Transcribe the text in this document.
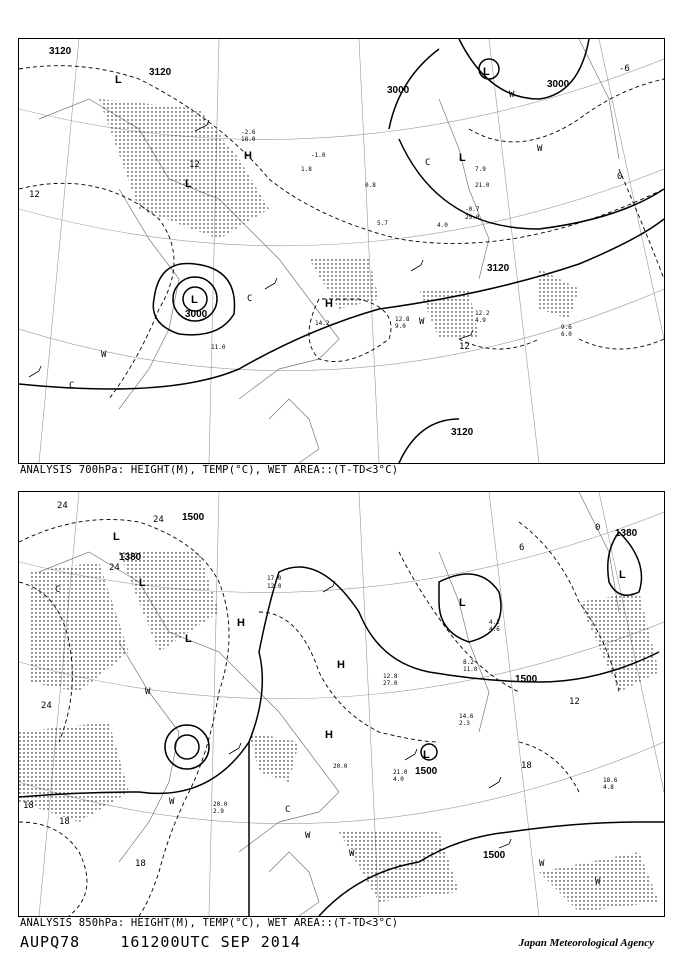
3120
3120
3000
3000
3120
3000
3120
12
12
12
0
-6
L
L
H
L	H
L
L
C
C
C
W
W
W
W
-2.6
18.0
-1.0
1.8
0.8
5.7	4.0
12.2
4.9
9.6
6.0
12.8
9.0
14.2
11.0
7.9
21.0
-0.7
25.0
ANALYSIS 700hPa: HEIGHT(M), TEMP(°C), WET AREA::(T-TD<3°C)
1500
1380
1500
1500
1500
1380
24
24
24
24
18
18
18
18
12
6
0
L
L
L
H
H
H
L
L
L
C
C
W
W
W
W
W
W
17.0
12.0
20.0
21.0
4.0
14.6
2.3
18.6
4.8
20.0
2.9
12.8
27.0
4.2
4.6
8.2
11.0
ANALYSIS 850hPa: HEIGHT(M), TEMP(°C), WET AREA::(T-TD<3°C)
AUPQ78	161200UTC SEP 2014	Japan Meteorological Agency
